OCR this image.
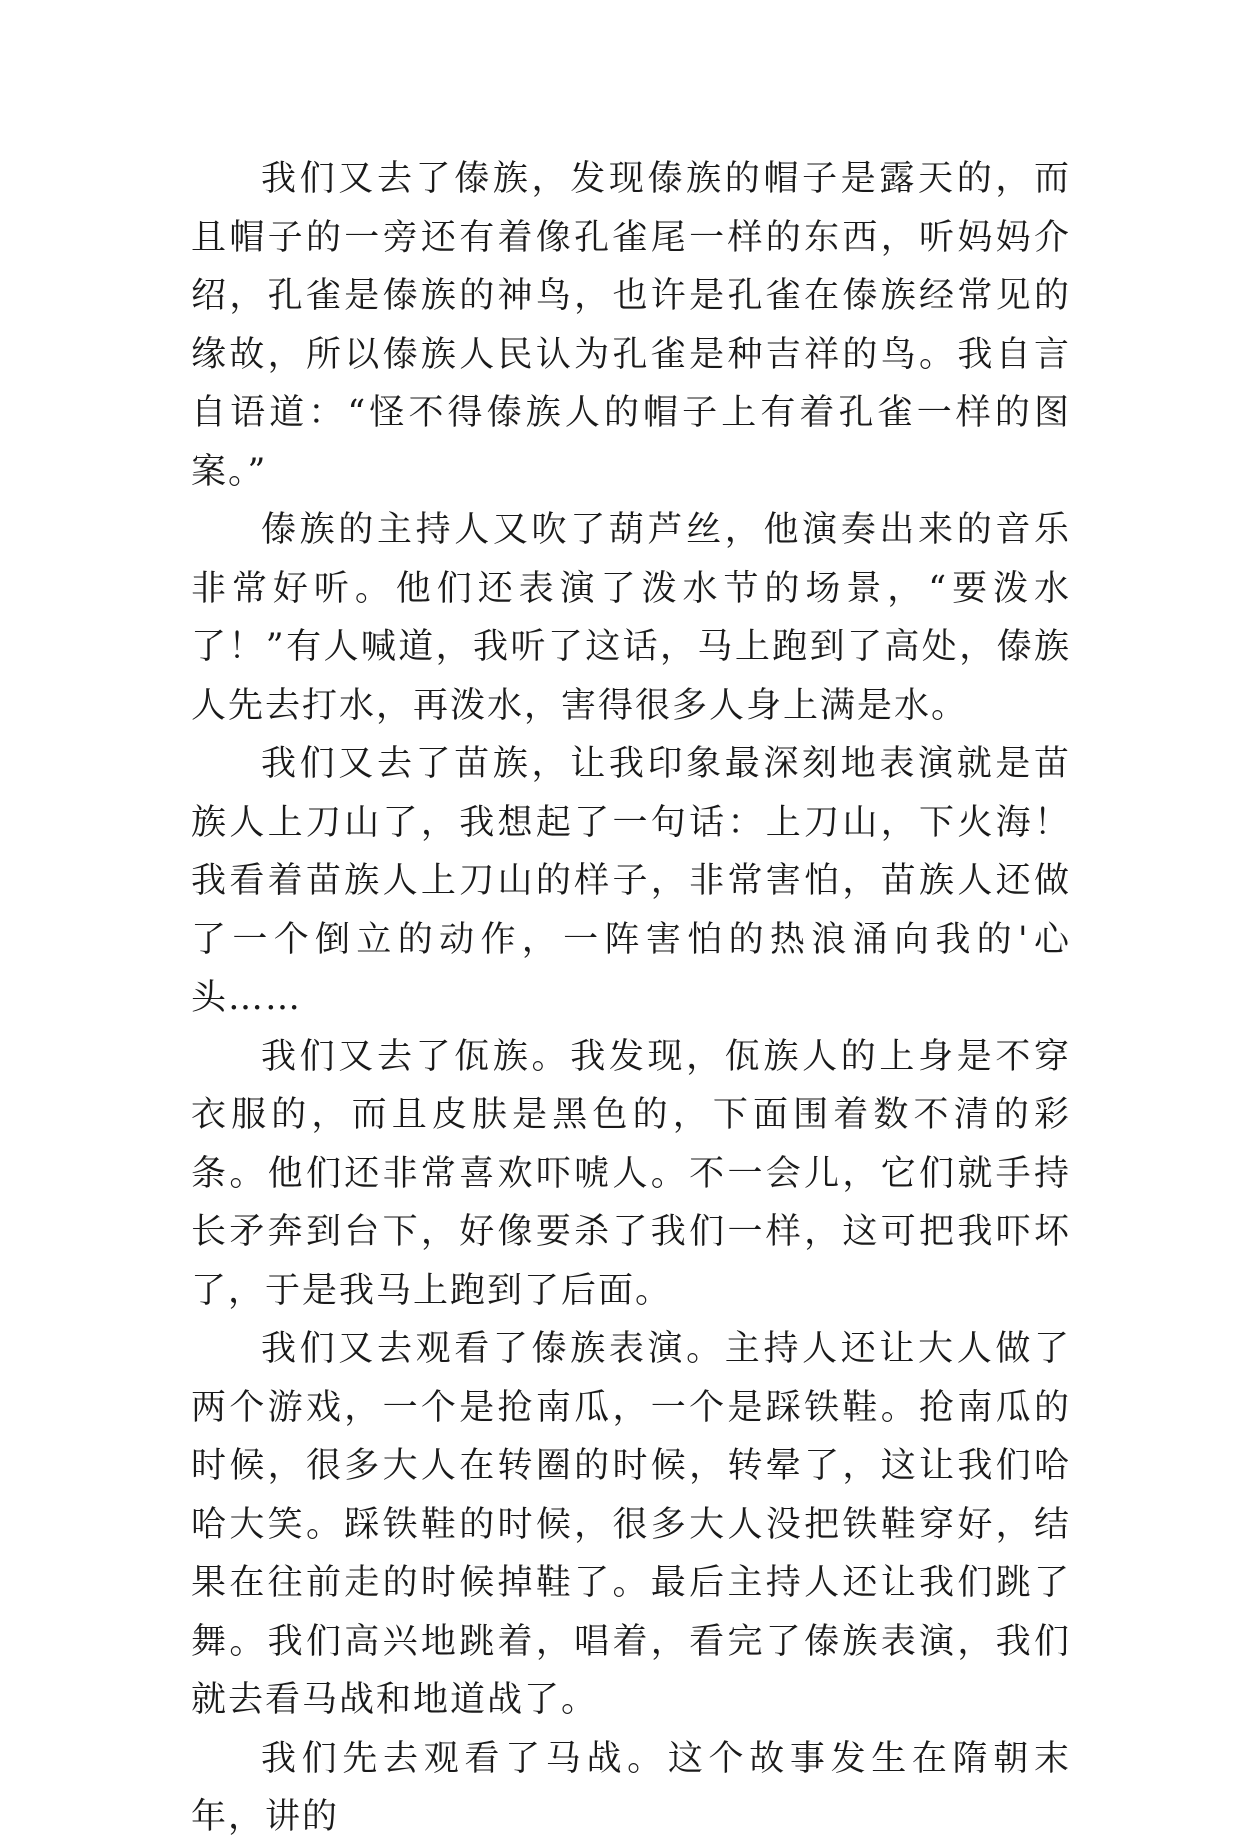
我们又去了傣族，发现傣族的帽子是露天的，而且帽子的一旁还有着像孔雀尾一样的东西，听妈妈介绍，孔雀是傣族的神鸟，也许是孔雀在傣族经常见的缘故，所以傣族人民认为孔雀是种吉祥的鸟。我自言自语道：“怪不得傣族人的帽子上有着孔雀一样的图案。”

傣族的主持人又吹了葫芦丝，他演奏出来的音乐非常好听。他们还表演了泼水节的场景，“要泼水了！”有人喊道，我听了这话，马上跑到了高处，傣族人先去打水，再泼水，害得很多人身上满是水。

我们又去了苗族，让我印象最深刻地表演就是苗族人上刀山了，我想起了一句话：上刀山，下火海！我看着苗族人上刀山的样子，非常害怕，苗族人还做了一个倒立的动作，一阵害怕的热浪涌向我的'心头……

我们又去了佤族。我发现，佤族人的上身是不穿衣服的，而且皮肤是黑色的，下面围着数不清的彩条。他们还非常喜欢吓唬人。不一会儿，它们就手持长矛奔到台下，好像要杀了我们一样，这可把我吓坏了，于是我马上跑到了后面。

我们又去观看了傣族表演。主持人还让大人做了两个游戏，一个是抢南瓜，一个是踩铁鞋。抢南瓜的时候，很多大人在转圈的时候，转晕了，这让我们哈哈大笑。踩铁鞋的时候，很多大人没把铁鞋穿好，结果在往前走的时候掉鞋了。最后主持人还让我们跳了舞。我们高兴地跳着，唱着，看完了傣族表演，我们就去看马战和地道战了。

我们先去观看了马战。这个故事发生在隋朝末年，讲的
